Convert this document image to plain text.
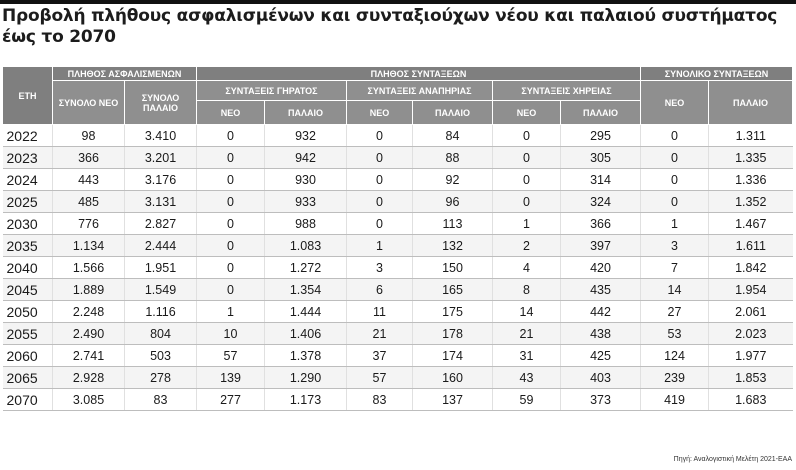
Προβολή πλήθους ασφαλισμένων και συνταξιούχων νέου και παλαιού συστήματος έως το 2070
ΕΤΗ	ΠΛΗΘΟΣ ΑΣΦΑΛΙΣΜΕΝΩΝ		ΠΛΗΘΟΣ ΣΥΝΤΑΞΕΩΝ						ΣΥΝΟΛΙΚΟ ΣΥΝΤΑΞΕΩΝ	
	ΣΥΝΟΛΟ ΝΕΟ	ΣΥΝΟΛΟ ΠΑΛΑΙΟ	ΣΥΝΤΑΞΕΙΣ ΓΗΡΑΤΟΣ		ΣΥΝΤΑΞΕΙΣ ΑΝΑΠΗΡΙΑΣ		ΣΥΝΤΑΞΕΙΣ ΧΗΡΕΙΑΣ		ΝΕΟ	ΠΑΛΑΙΟ
			ΝΕΟ	ΠΑΛΑΙΟ	ΝΕΟ	ΠΑΛΑΙΟ	ΝΕΟ	ΠΑΛΑΙΟ		
2022	98	3.410	0	932	0	84	0	295	0	1.311
2023	366	3.201	0	942	0	88	0	305	0	1.335
2024	443	3.176	0	930	0	92	0	314	0	1.336
2025	485	3.131	0	933	0	96	0	324	0	1.352
2030	776	2.827	0	988	0	113	1	366	1	1.467
2035	1.134	2.444	0	1.083	1	132	2	397	3	1.611
2040	1.566	1.951	0	1.272	3	150	4	420	7	1.842
2045	1.889	1.549	0	1.354	6	165	8	435	14	1.954
2050	2.248	1.116	1	1.444	11	175	14	442	27	2.061
2055	2.490	804	10	1.406	21	178	21	438	53	2.023
2060	2.741	503	57	1.378	37	174	31	425	124	1.977
2065	2.928	278	139	1.290	57	160	43	403	239	1.853
2070	3.085	83	277	1.173	83	137	59	373	419	1.683
Πηγή: Αναλογιστική Μελέτη 2021-ΕΑΑ
